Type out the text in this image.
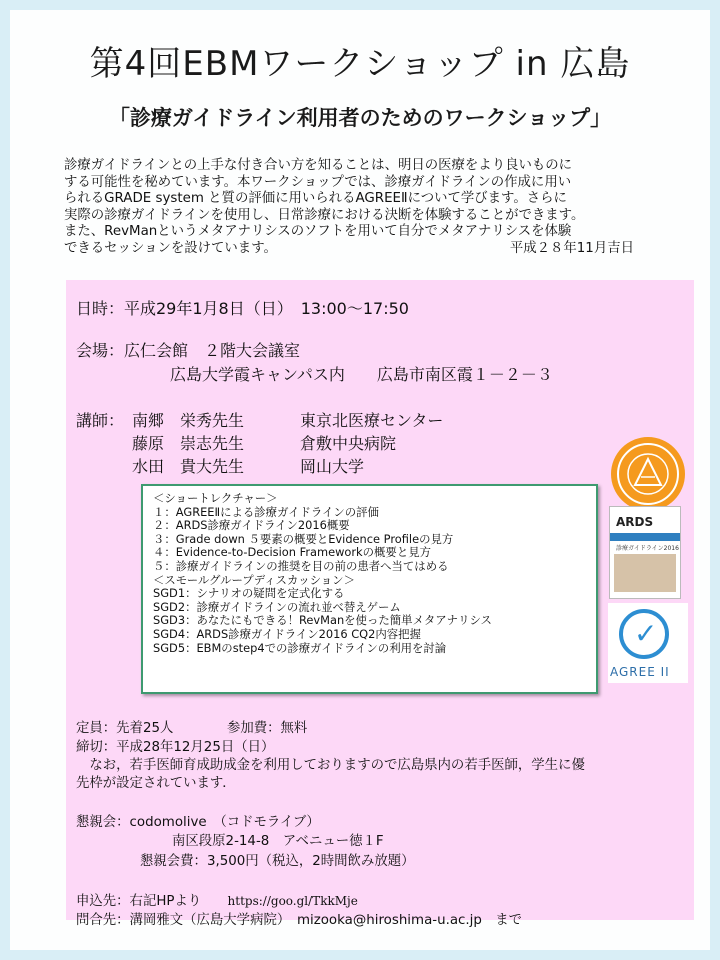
第4回EBMワークショップ in 広島
「診療ガイドライン利用者のためのワークショップ」

診療ガイドラインとの上手な付き合い方を知ることは、明日の医療をより良いものに

する可能性を秘めています。本ワークショップでは、診療ガイドラインの作成に用い

られるGRADE system と質の評価に用いられるAGREEⅡについて学びます。さらに

実際の診療ガイドラインを使用し、日常診療における決断を体験することができます。

また、RevManというメタアナリシスのソフトを用いて自分でメタアナリシスを体験

できるセッションを設けています。	平成２８年11月吉日

日時：平成29年1月8日（日）　13:00～17:50
会場：広仁会館　２階大会議室
広島大学霞キャンパス内　　広島市南区霞１－２－３
講師： 南郷　栄秀先生	東京北医療センター
藤原　崇志先生	倉敷中央病院
水田　貴大先生	岡山大学
＜ショートレクチャー＞
１：AGREEⅡによる診療ガイドラインの評価
２：ARDS診療ガイドライン2016概要
３：Grade down ５要素の概要とEvidence Profileの見方
４：Evidence-to-Decision Frameworkの概要と見方
５：診療ガイドラインの推奨を目の前の患者へ当てはめる
＜スモールグループディスカッション＞
SGD1：シナリオの疑問を定式化する
SGD2：診療ガイドラインの流れ並べ替えゲーム
SGD3：あなたにもできる！RevManを使った簡単メタアナリシス
SGD4：ARDS診療ガイドライン2016 CQ2内容把握
SGD5：EBMのstep4での診療ガイドラインの利用を討論
ARDS
診療ガイドライン2016
✓
AGREE II
定員：先着25人　　　　参加費：無料
締切：平成28年12月25日（日）
　なお，若手医師育成助成金を利用しておりますので広島県内の若手医師，学生に優
先枠が設定されています．
懇親会：codomolive　（コドモライブ）
南区段原2-14-8　アベニュー徳１F
懇親会費：3,500円（税込，2時間飲み放題）
申込先：右記HPより https://goo.gl/TkkMje
問合先：溝岡雅文（広島大学病院）　mizooka@hiroshima-u.ac.jp　まで
